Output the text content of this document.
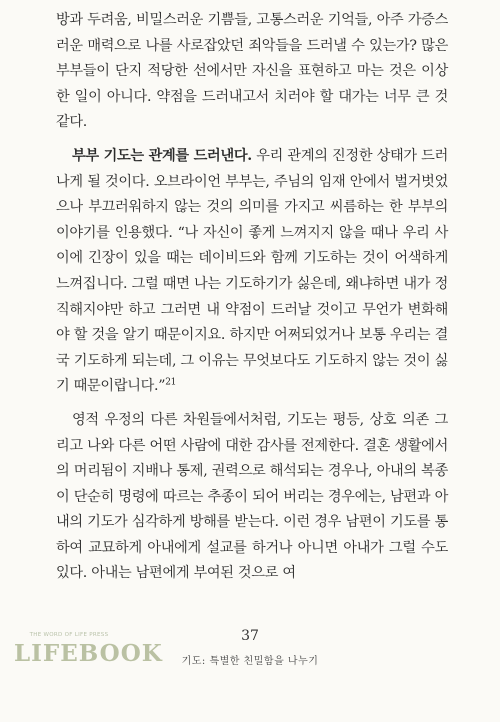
방과 두려움, 비밀스러운 기쁨들, 고통스러운 기억들, 아주 가증스러운 매력으로 나를 사로잡았던 죄악들을 드러낼 수 있는가? 많은 부부들이 단지 적당한 선에서만 자신을 표현하고 마는 것은 이상한 일이 아니다. 약점을 드러내고서 치러야 할 대가는 너무 큰 것 같다.

부부 기도는 관계를 드러낸다. 우리 관계의 진정한 상태가 드러나게 될 것이다. 오브라이언 부부는, 주님의 임재 안에서 벌거벗었으나 부끄러워하지 않는 것의 의미를 가지고 씨름하는 한 부부의 이야기를 인용했다. “나 자신이 좋게 느껴지지 않을 때나 우리 사이에 긴장이 있을 때는 데이비드와 함께 기도하는 것이 어색하게 느껴집니다. 그럴 때면 나는 기도하기가 싫은데, 왜냐하면 내가 정직해지야만 하고 그러면 내 약점이 드러날 것이고 무언가 변화해야 할 것을 알기 때문이지요. 하지만 어쩌되었거나 보통 우리는 결국 기도하게 되는데, 그 이유는 무엇보다도 기도하지 않는 것이 싫기 때문이랍니다.”$^{21}$

영적 우정의 다른 차원들에서처럼, 기도는 평등, 상호 의존 그리고 나와 다른 어떤 사람에 대한 감사를 전제한다. 결혼 생활에서의 머리됨이 지배나 통제, 권력으로 해석되는 경우나, 아내의 복종이 단순히 명령에 따르는 추종이 되어 버리는 경우에는, 남편과 아내의 기도가 심각하게 방해를 받는다. 이런 경우 남편이 기도를 통하여 교묘하게 아내에게 설교를 하거나 아니면 아내가 그럴 수도 있다. 아내는 남편에게 부여된 것으로 여

THE WORD OF LIFE PRESS
LIFEBOOK
37
기도: 특별한 친밀함을 나누기
